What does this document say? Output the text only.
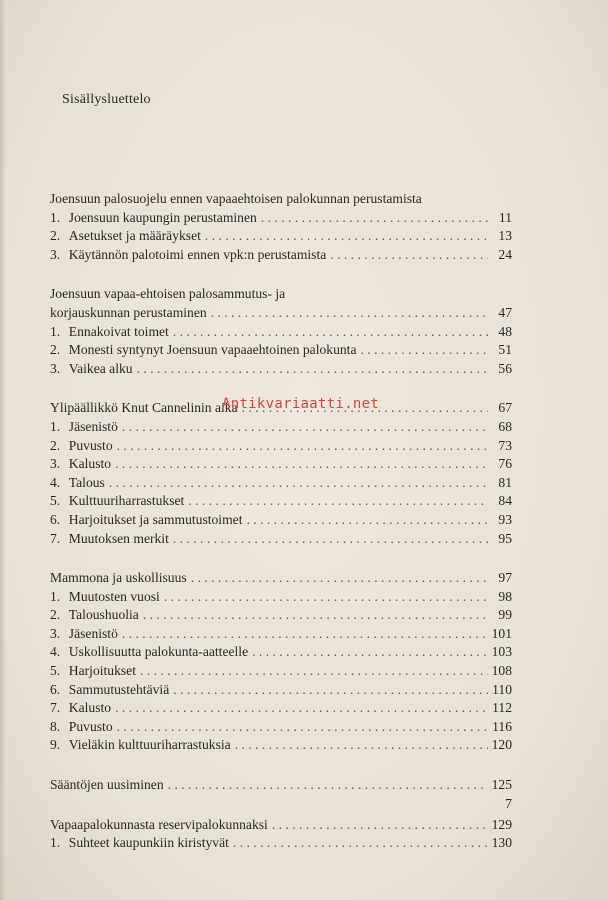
Sisällysluettelo
Joensuun palosuojelu ennen vapaaehtoisen palokunnan perustamista
1.  Joensuun kaupungin perustaminen . . .	11
2.  Asetukset ja määräykset . . .	13
3.  Käytännön palotoimi ennen vpk:n perustamista . . .	24
Joensuun vapaa-ehtoisen palosammutus- ja
korjauskunnan perustaminen . . .	47
1.  Ennakoivat toimet . . .	48
2.  Monesti syntynyt Joensuun vapaaehtoinen palokunta . . .	51
3.  Vaikea alku . . .	56
Ylipäällikkö Knut Cannelinin aika . . .	67
1.  Jäsenistö . . .	68
2.  Puvusto . . .	73
3.  Kalusto . . .	76
4.  Talous . . .	81
5.  Kulttuuriharrastukset . . .	84
6.  Harjoitukset ja sammutustoimet . . .	93
7.  Muutoksen merkit . . .	95
Mammona ja uskollisuus . . .	97
1.  Muutosten vuosi . . .	98
2.  Taloushuolia . . .	99
3.  Jäsenistö . . .	101
4.  Uskollisuutta palokunta-aatteelle . . .	103
5.  Harjoitukset . . .	108
6.  Sammutustehtäviä . . .	110
7.  Kalusto . . .	112
8.  Puvusto . . .	116
9.  Vieläkin kulttuuriharrastuksia . . .	120
Sääntöjen uusiminen . . .	125
Vapaapalokunnasta reservipalokunnaksi . . .	129
1.  Suhteet kaupunkiin kiristyvät . . .	130
Antikvariaatti.net
7
